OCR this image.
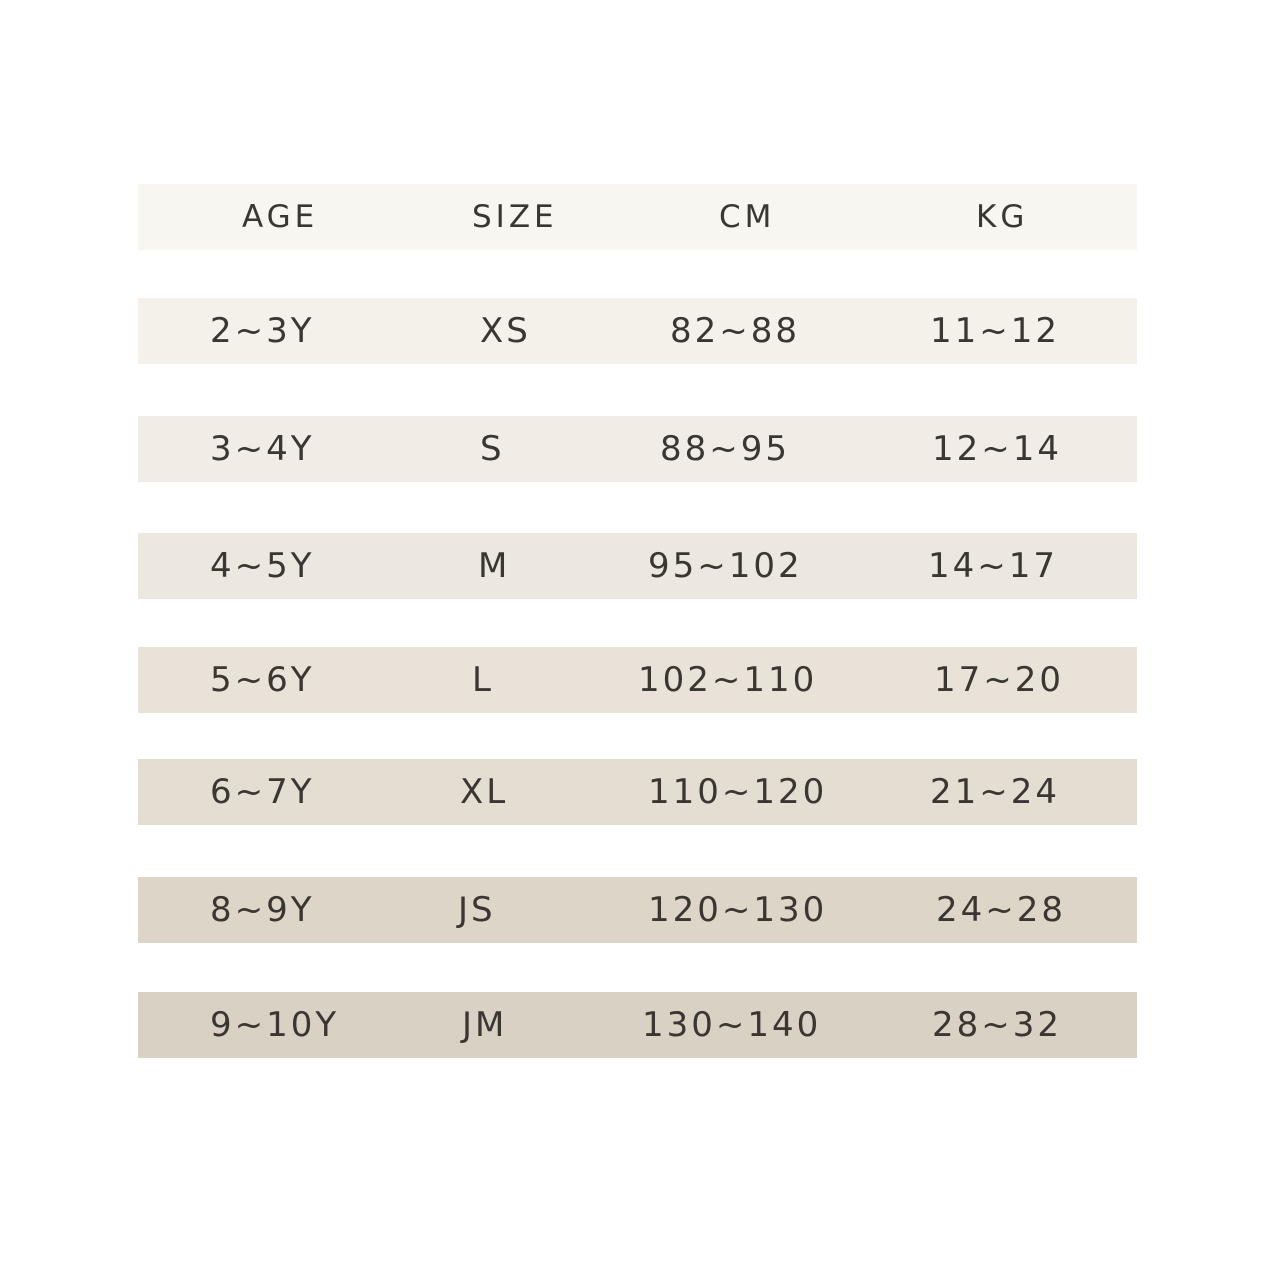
AGE	SIZE	CM	KG
2~3Y	XS	82~88	11~12
3~4Y	S	88~95	12~14
4~5Y	M	95~102	14~17
5~6Y	L	102~110	17~20
6~7Y	XL	110~120	21~24
8~9Y	JS	120~130	24~28
9~10Y	JM	130~140	28~32
